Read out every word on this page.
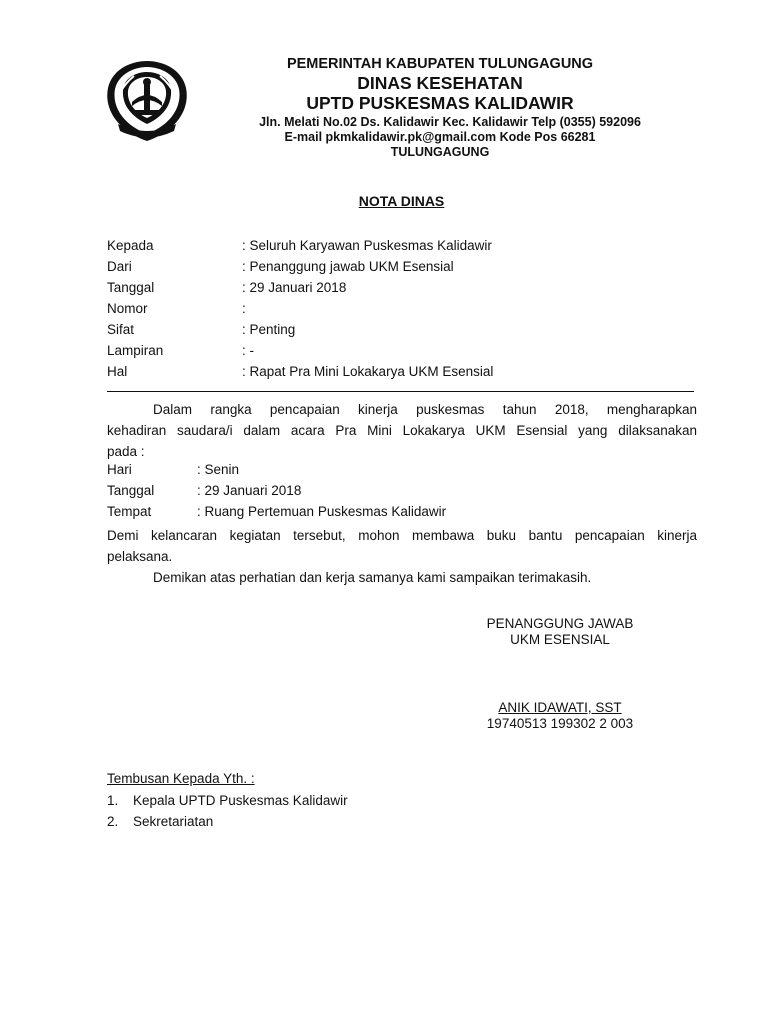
PEMERINTAH KABUPATEN TULUNGAGUNG
DINAS KESEHATAN
UPTD PUSKESMAS KALIDAWIR
Jln. Melati No.02 Ds. Kalidawir Kec. Kalidawir Telp (0355) 592096
E-mail pkmkalidawir.pk@gmail.com Kode Pos 66281
TULUNGAGUNG
NOTA DINAS
Kepada	: Seluruh Karyawan Puskesmas Kalidawir
Dari	: Penanggung jawab UKM Esensial
Tanggal	: 29 Januari 2018
Nomor	:
Sifat	: Penting
Lampiran	: -
Hal	: Rapat Pra Mini Lokakarya UKM Esensial
Dalam rangka pencapaian kinerja puskesmas tahun 2018, mengharapkan
kehadiran saudara/i dalam acara Pra Mini Lokakarya UKM Esensial yang dilaksanakan
pada :
Hari	: Senin
Tanggal	: 29 Januari 2018
Tempat	: Ruang Pertemuan Puskesmas Kalidawir
Demi kelancaran kegiatan tersebut, mohon membawa buku bantu pencapaian kinerja
pelaksana.
Demikan atas perhatian dan kerja samanya kami sampaikan terimakasih.
PENANGGUNG JAWAB
UKM ESENSIAL
ANIK IDAWATI, SST
19740513 199302 2 003
Tembusan Kepada Yth. :
1. Kepala UPTD Puskesmas Kalidawir
2. Sekretariatan
